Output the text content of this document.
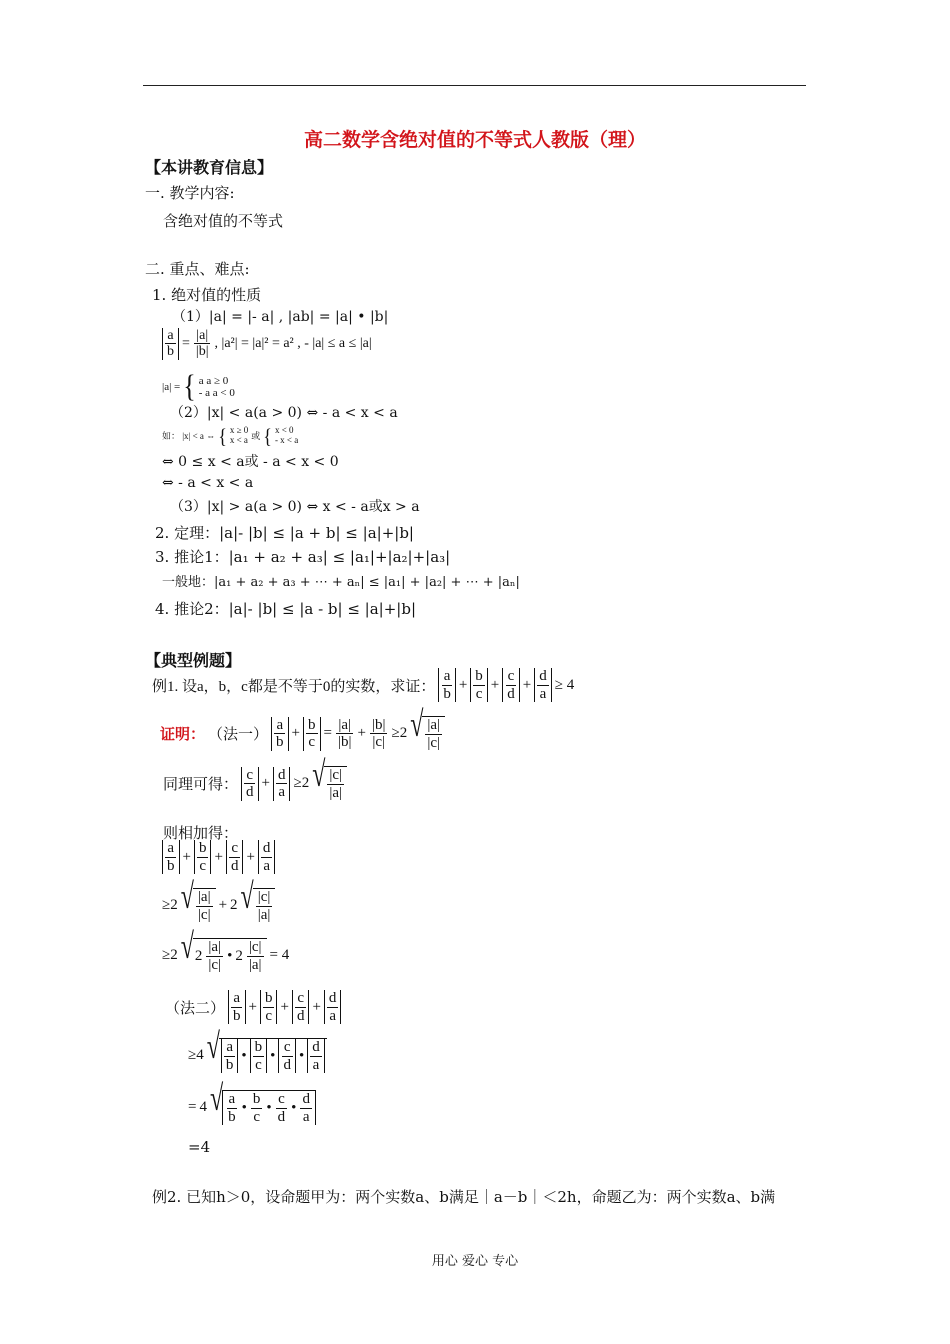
高二数学含绝对值的不等式人教版（理）
【本讲教育信息】
一. 教学内容:
含绝对值的不等式
二. 重点、难点:
1. 绝对值的性质
（1）|a| = |- a| , |ab| = |a| • |b|
$\frac{a}{b} = \frac{|a|}{|b|}$ , |a²| = |a|² = a² , - |a| ≤ a ≤ |a|
|a| = { a a ≥ 0
- a a < 0
（2）|x| < a(a > 0) ⇔ - a < x < a
如： |x| < a ⇔ { x ≥ 0
x < a 或 { x < 0
- x < a
⇔ 0 ≤ x < a或 - a < x < 0
⇔ - a < x < a
（3）|x| > a(a > 0) ⇔ x < - a或x > a
2. 定理：|a|- |b| ≤ |a + b| ≤ |a|+|b|
3. 推论1：|a₁ + a₂ + a₃| ≤ |a₁|+|a₂|+|a₃|
一般地：|a₁ + a₂ + a₃ + ⋯ + aₙ| ≤ |a₁| + |a₂| + ⋯ + |aₙ|
4. 推论2：|a|- |b| ≤ |a - b| ≤ |a|+|b|
【典型例题】
例1. 设a，b，c都是不等于0的实数，求证： $\frac{a}{b} + \frac{b}{c} + \frac{c}{d} + \frac{d}{a} \ge 4$
证明： （法一） $\frac{a}{b} + \frac{b}{c} = \frac{|a|}{|b|} + \frac{|b|}{|c|} \ge 2$ √ $\frac{|a|}{|c|}$
同理可得： $\frac{c}{d} + \frac{d}{a} \ge 2$ √ $\frac{|c|}{|a|}$
则相加得：
$\frac{a}{b} + \frac{b}{c} + \frac{c}{d} + \frac{d}{a}$
≥2 √ $\frac{|a|}{|c|} + 2$ √ $\frac{|c|}{|a|}$
≥2 √ $2 \frac{|a|}{|c|}$ • $2 \frac{|c|}{|a|} = 4$
（法二） $\frac{a}{b} + \frac{b}{c} + \frac{c}{d} + \frac{d}{a}$
≥4 √ $\frac{a}{b}$ • $\frac{b}{c}$ • $\frac{c}{d}$ • $\frac{d}{a}$
= 4 √ $\frac{a}{b}$ • $\frac{b}{c}$ • $\frac{c}{d}$ • $\frac{d}{a}$
=4
例2. 已知h＞0，设命题甲为：两个实数a、b满足｜a－b｜＜2h，命题乙为：两个实数a、b满
用心 爱心 专心
